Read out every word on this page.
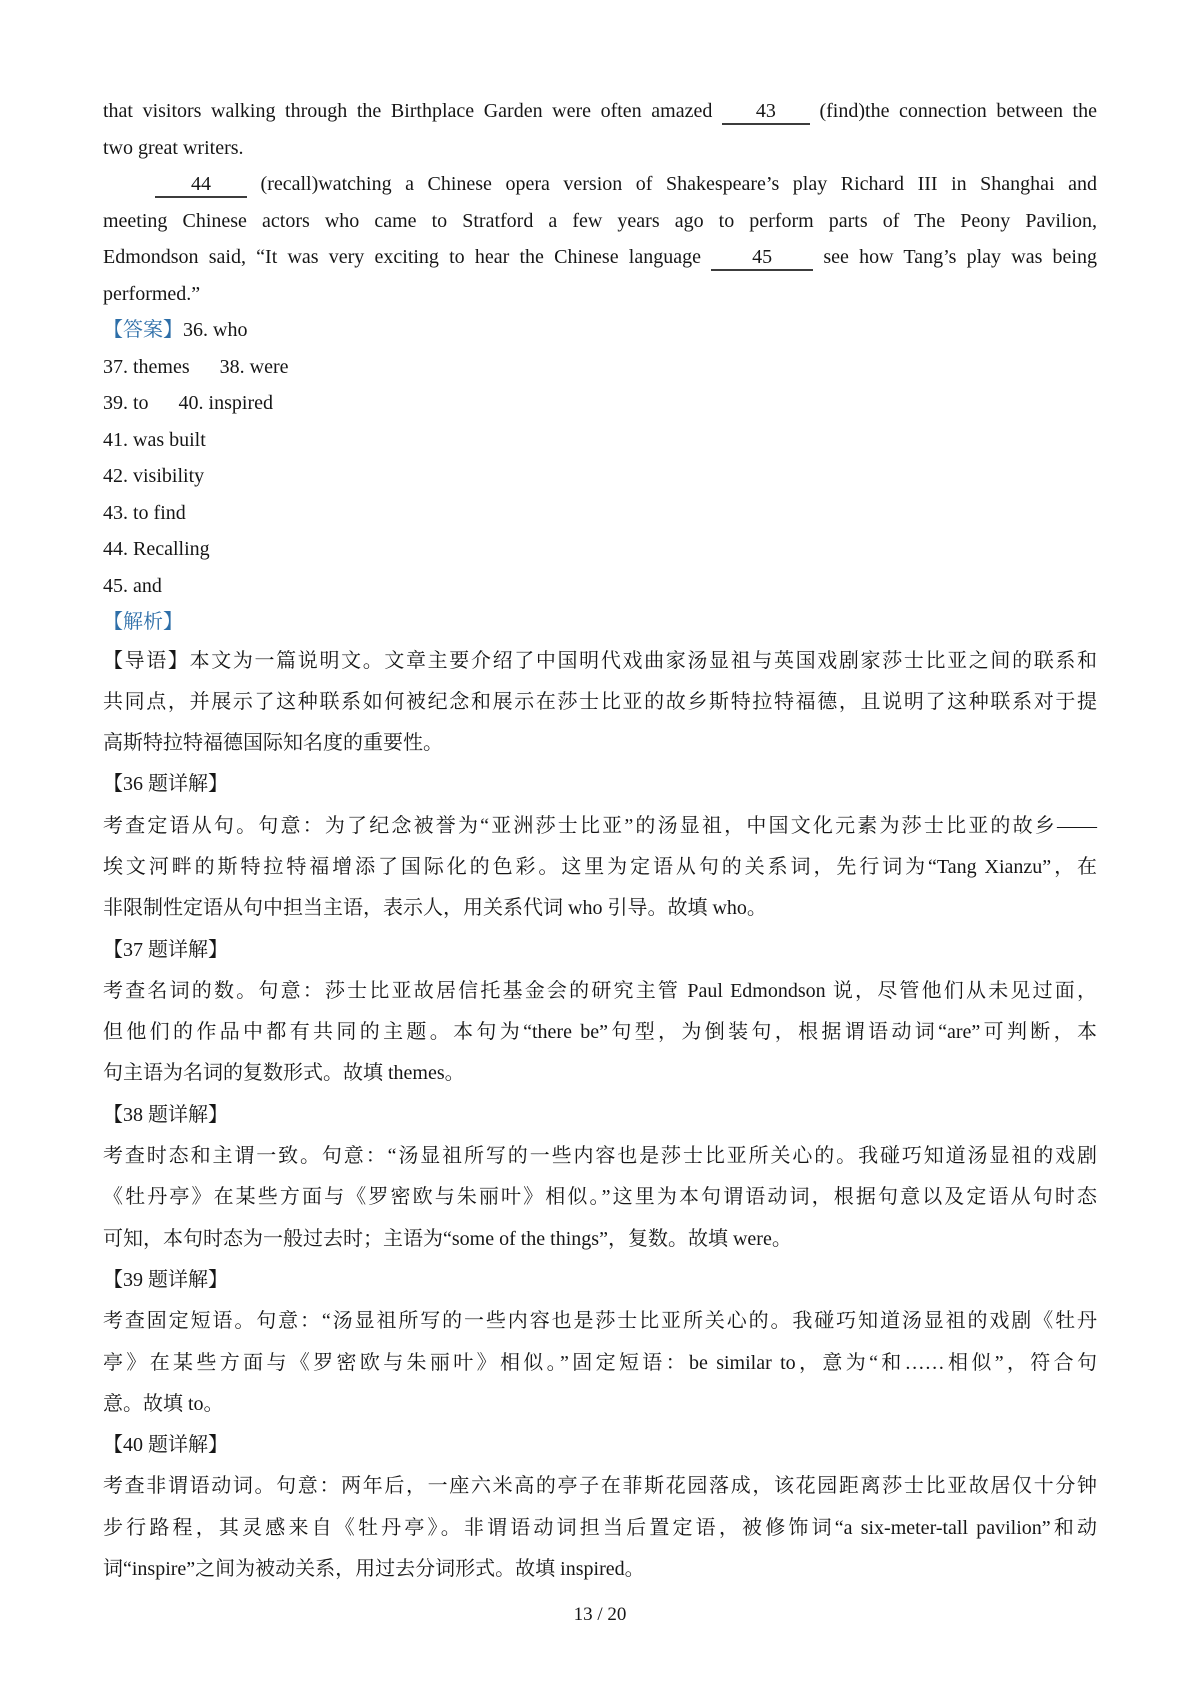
that visitors walking through the Birthplace Garden were often amazed 43 (find)the connection between the
two great writers.
44 (recall)watching a Chinese opera version of Shakespeare’s play Richard III in Shanghai and
meeting Chinese actors who came to Stratford a few years ago to perform parts of The Peony Pavilion,
Edmondson said, “It was very exciting to hear the Chinese language	45	see how Tang’s play was being
performed.”
【答案】36. who
37. themes  38. were
39. to  40. inspired
41. was built
42. visibility
43. to find
44. Recalling
45. and
【解析】
【导语】本文为一篇说明文。文章主要介绍了中国明代戏曲家汤显祖与英国戏剧家莎士比亚之间的联系和
共同点，并展示了这种联系如何被纪念和展示在莎士比亚的故乡斯特拉特福德，且说明了这种联系对于提
高斯特拉特福德国际知名度的重要性。
【36 题详解】
考查定语从句。句意：为了纪念被誉为“亚洲莎士比亚”的汤显祖，中国文化元素为莎士比亚的故乡——
埃文河畔的斯特拉特福增添了国际化的色彩。这里为定语从句的关系词，先行词为“Tang Xianzu”，在
非限制性定语从句中担当主语，表示人，用关系代词 who 引导。故填 who。
【37 题详解】
考查名词的数。句意：莎士比亚故居信托基金会的研究主管 Paul Edmondson 说，尽管他们从未见过面，
但他们的作品中都有共同的主题。本句为“there be”句型，为倒装句，根据谓语动词“are”可判断，本
句主语为名词的复数形式。故填 themes。
【38 题详解】
考查时态和主谓一致。句意：“汤显祖所写的一些内容也是莎士比亚所关心的。我碰巧知道汤显祖的戏剧
《牡丹亭》在某些方面与《罗密欧与朱丽叶》相似。”这里为本句谓语动词，根据句意以及定语从句时态
可知，本句时态为一般过去时；主语为“some of the things”，复数。故填 were。
【39 题详解】
考查固定短语。句意：“汤显祖所写的一些内容也是莎士比亚所关心的。我碰巧知道汤显祖的戏剧《牡丹
亭》在某些方面与《罗密欧与朱丽叶》相似。”固定短语：be similar to，意为“和……相似”，符合句
意。故填 to。
【40 题详解】
考查非谓语动词。句意：两年后，一座六米高的亭子在菲斯花园落成，该花园距离莎士比亚故居仅十分钟
步行路程，其灵感来自《牡丹亭》。非谓语动词担当后置定语，被修饰词“a six-meter-tall pavilion”和动
词“inspire”之间为被动关系，用过去分词形式。故填 inspired。
13 / 20
